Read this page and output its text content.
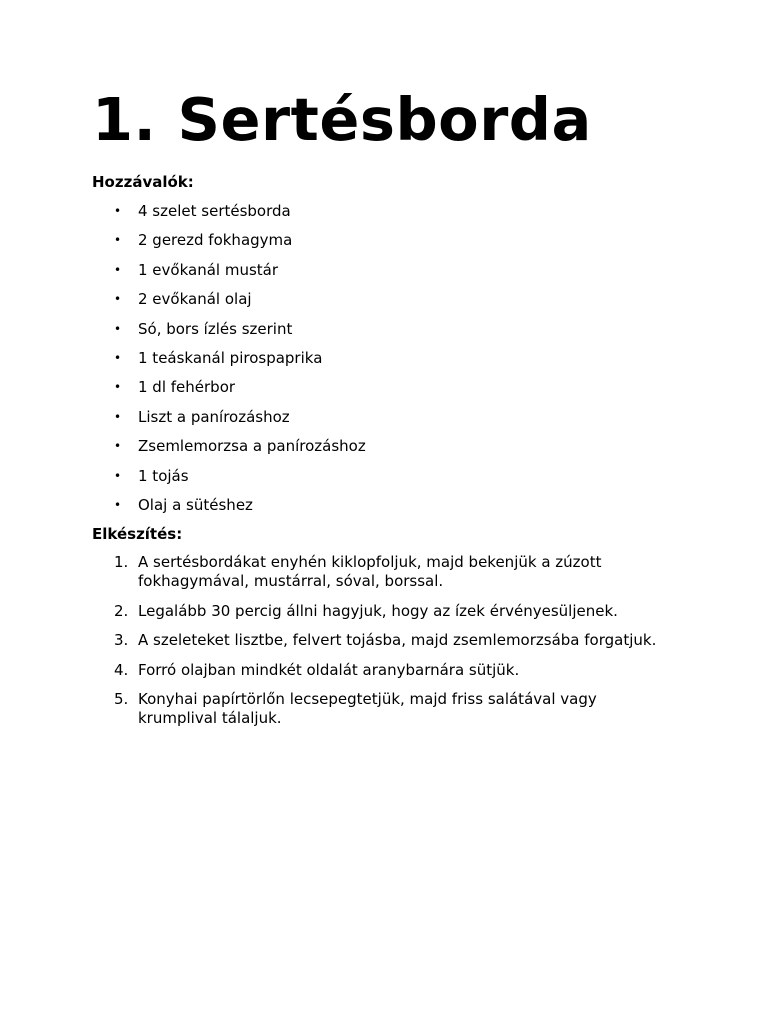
1. Sertésborda
Hozzávalók:
• 4 szelet sertésborda
• 2 gerezd fokhagyma
• 1 evőkanál mustár
• 2 evőkanál olaj
• Só, bors ízlés szerint
• 1 teáskanál pirospaprika
• 1 dl fehérbor
• Liszt a panírozáshoz
• Zsemlemorzsa a panírozáshoz
• 1 tojás
• Olaj a sütéshez
Elkészítés:
1. A sertésbordákat enyhén kiklopfoljuk, majd bekenjük a zúzott fokhagymával, mustárral, sóval, borssal.
2. Legalább 30 percig állni hagyjuk, hogy az ízek érvényesüljenek.
3. A szeleteket lisztbe, felvert tojásba, majd zsemlemorzsába forgatjuk.
4. Forró olajban mindkét oldalát aranybarnára sütjük.
5. Konyhai papírtörlőn lecsepegtetjük, majd friss salátával vagy krumplival tálaljuk.
